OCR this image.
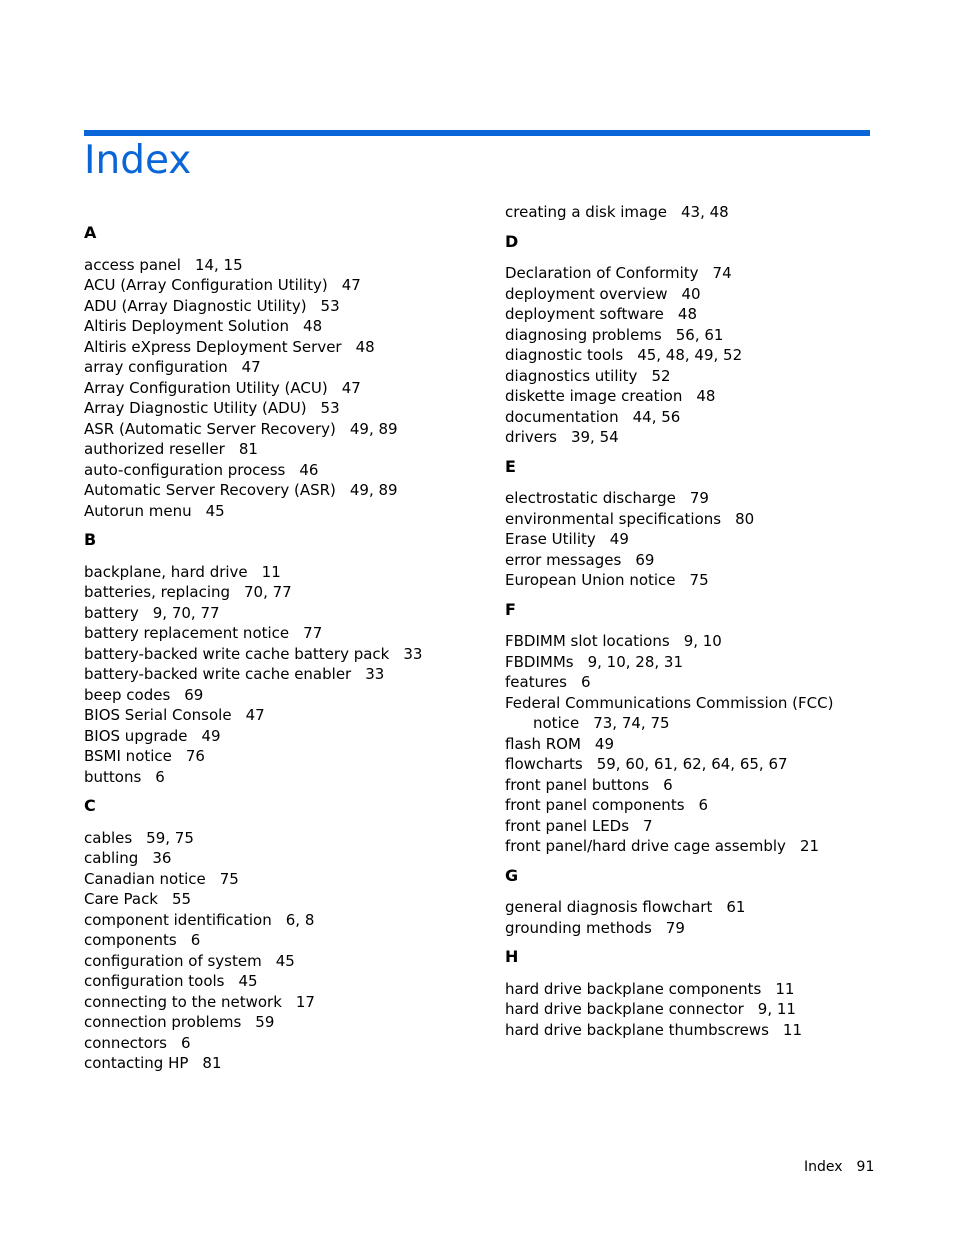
Index
A
access panel 14, 15
ACU (Array Configuration Utility) 47
ADU (Array Diagnostic Utility) 53
Altiris Deployment Solution 48
Altiris eXpress Deployment Server 48
array configuration 47
Array Configuration Utility (ACU) 47
Array Diagnostic Utility (ADU) 53
ASR (Automatic Server Recovery) 49, 89
authorized reseller 81
auto-configuration process 46
Automatic Server Recovery (ASR) 49, 89
Autorun menu 45
B
backplane, hard drive 11
batteries, replacing 70, 77
battery 9, 70, 77
battery replacement notice 77
battery-backed write cache battery pack 33
battery-backed write cache enabler 33
beep codes 69
BIOS Serial Console 47
BIOS upgrade 49
BSMI notice 76
buttons 6
C
cables 59, 75
cabling 36
Canadian notice 75
Care Pack 55
component identification 6, 8
components 6
configuration of system 45
configuration tools 45
connecting to the network 17
connection problems 59
connectors 6
contacting HP 81
creating a disk image 43, 48
D
Declaration of Conformity 74
deployment overview 40
deployment software 48
diagnosing problems 56, 61
diagnostic tools 45, 48, 49, 52
diagnostics utility 52
diskette image creation 48
documentation 44, 56
drivers 39, 54
E
electrostatic discharge 79
environmental specifications 80
Erase Utility 49
error messages 69
European Union notice 75
F
FBDIMM slot locations 9, 10
FBDIMMs 9, 10, 28, 31
features 6
Federal Communications Commission (FCC)
notice 73, 74, 75
flash ROM 49
flowcharts 59, 60, 61, 62, 64, 65, 67
front panel buttons 6
front panel components 6
front panel LEDs 7
front panel/hard drive cage assembly 21
G
general diagnosis flowchart 61
grounding methods 79
H
hard drive backplane components 11
hard drive backplane connector 9, 11
hard drive backplane thumbscrews 11
Index 91
